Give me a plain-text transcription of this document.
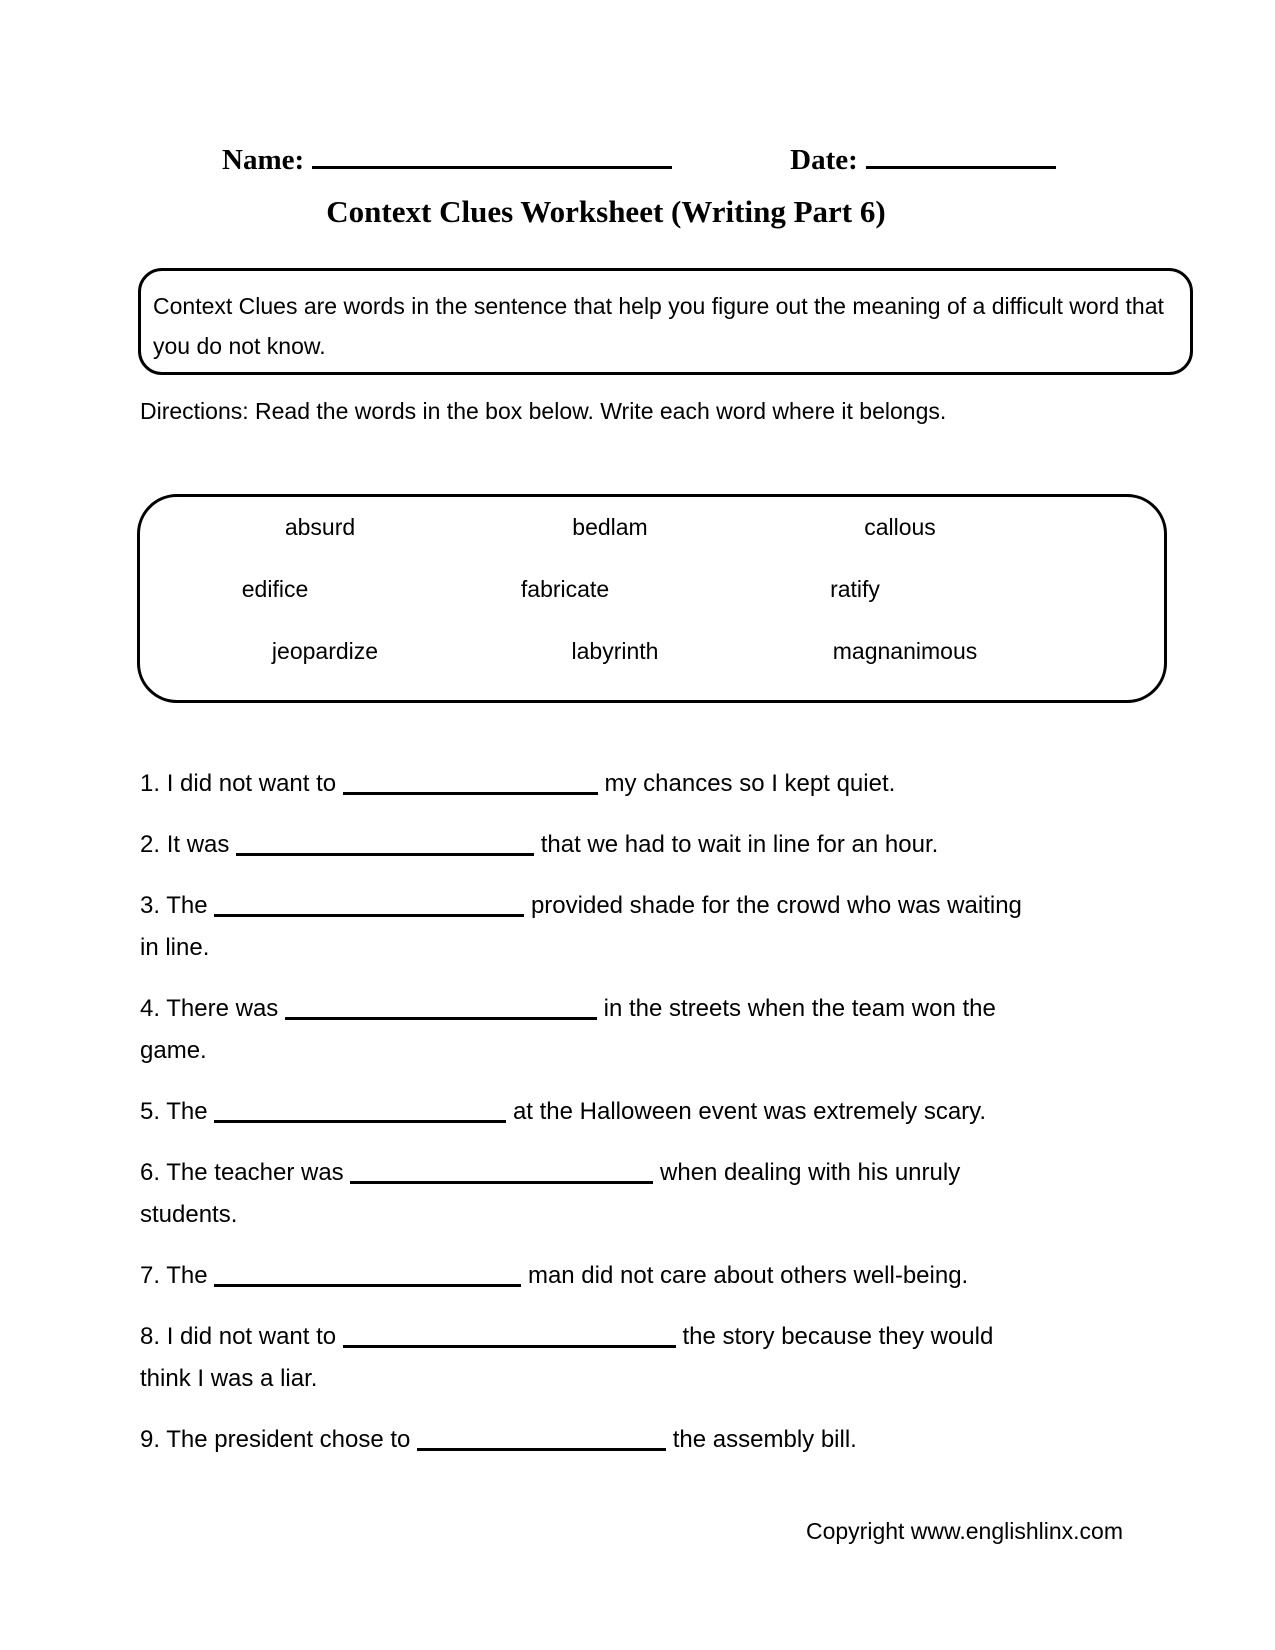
Name:	Date:
Context Clues Worksheet (Writing Part 6)
Context Clues are words in the sentence that help you figure out the meaning of a difficult word that you do not know.
Directions: Read the words in the box below. Write each word where it belongs.
absurd	bedlam	callous
edifice	fabricate	ratify
jeopardize	labyrinth	magnanimous
1. I did not want to	my chances so I kept quiet.
2. It was	that we had to wait in line for an hour.
3. The	provided shade for the crowd who was waiting
in line.
4. There was	in the streets when the team won the
game.
5. The	at the Halloween event was extremely scary.
6. The teacher was	when dealing with his unruly
students.
7. The	man did not care about others well-being.
8. I did not want to	the story because they would
think I was a liar.
9. The president chose to	the assembly bill.
Copyright www.englishlinx.com
